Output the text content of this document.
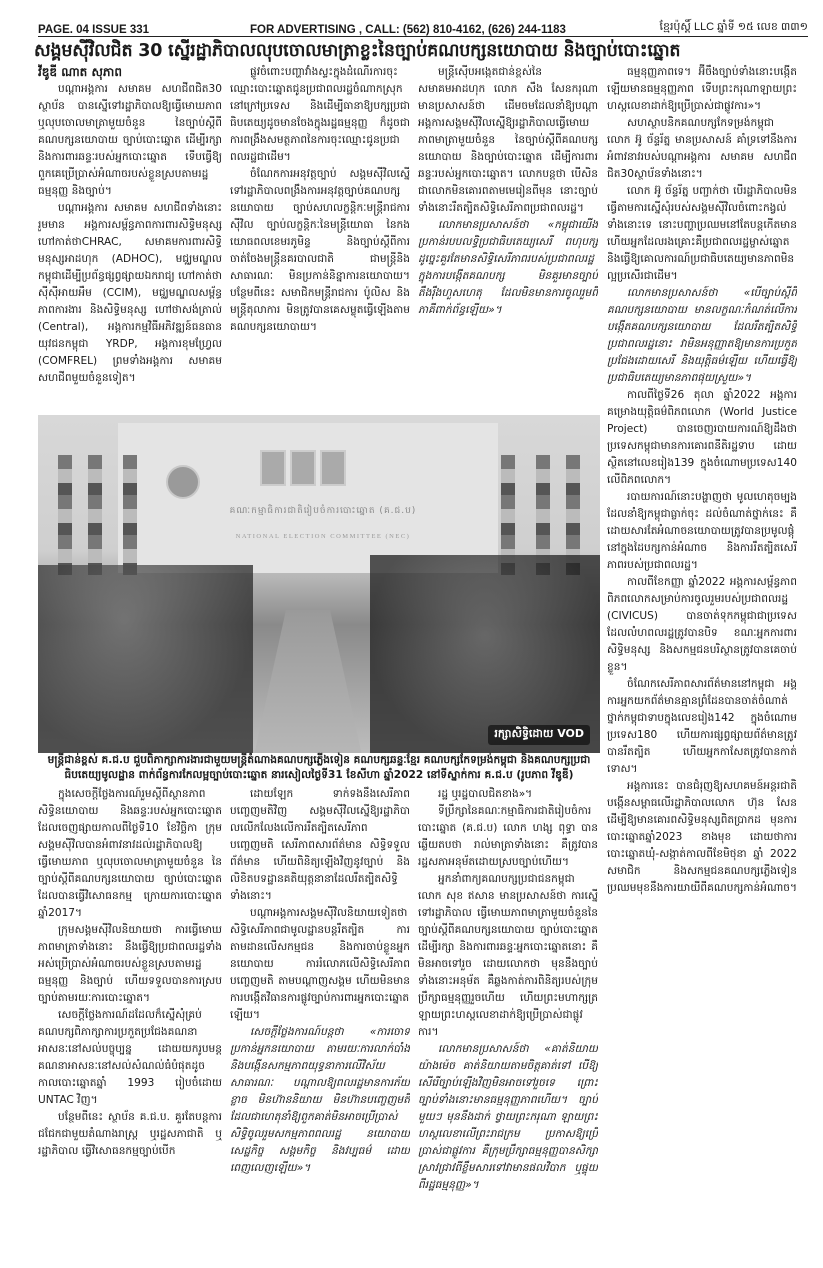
PAGE. 04 ISSUE 331	FOR ADVERTISING , CALL: (562) 810-4162, (626) 244-1183	ខ្មែរប៉ុស្តិ៍ LLC ឆ្នាំទី ១៥ លេខ ៣៣១
សង្គមស៊ីវិលជិត 30 ស្នើរដ្ឋាភិបាលលុបចោលមាត្រាខ្លះនៃច្បាប់គណបក្សនយោបាយ និងច្បាប់បោះឆ្នោត

វីឌូឌី ណាត សុភាព

បណ្តាអង្គការ សមាគម សហជីពជិត30 ស្ថាប័ន បានស្នើទៅរដ្ឋាភិបាលឱ្យធ្វើមោឃភាព ឬលុបចោលមាត្រាមួយចំនួន នៃច្បាប់ស្តីពីគណបក្សនយោបាយ ច្បាប់បោះឆ្នោត ដើម្បីរក្សា និងការពារឆន្ទៈរបស់អ្នកបោះឆ្នោត ទើបធ្វើឱ្យពួកគេប្រើប្រាស់អំណាចរបស់ខ្លួនស្របតាមរដ្ឋធម្មនុញ្ញ និងច្បាប់។

បណ្តាអង្គការ សមាគម សហជីពទាំងនោះរួមមាន អង្គការសម្ព័ន្ធភាពការពារសិទ្ធិមនុស្ស ហៅកាត់ថាCHRAC, សមាគមការពារសិទ្ធិមនុស្សអាដហុក (ADHOC), មជ្ឈមណ្ឌលកម្ពុជាដើម្បីប្រព័ន្ធផ្សព្វផ្សាយឯករាជ្យ ហៅកាត់ថា ស៊ីស៊ីអាយអឹម (CCIM), មជ្ឈមណ្ឌលសម្ព័ន្ធភាពការងារ និងសិទ្ធិមនុស្ស ហៅថាសង់ត្រាល់ (Central), អង្គការកម្មវិធីអភិវឌ្ឍន៍ធនធានយុវជនកម្ពុជា YRDP, អង្គការខុមហ្វ្រែល (COMFREL) ព្រមទាំងអង្គការ សមាគម សហជីពមួយចំនួនទៀត។

ផ្លូវចំពោះបញ្ហាវាំងស្ទះក្នុងដំណើរការចុះឈ្មោះបោះឆ្នោតជូនប្រជាពលរដ្ឋចំណាកស្រុកនៅក្រៅប្រទេស និងដើម្បីធានាឱ្យបក្សប្រជាធិបតេយ្យដូចមានចែងក្នុងរដ្ឋធម្មនុញ្ញ ក៏ដូចជាការពង្រឹងសមត្ថភាពនៃការចុះឈ្មោះជូនប្រជាពលរដ្ឋជាដើម។

ចំណែកការអនុវត្តច្បាប់ សង្គមស៊ីវិលស្នើទៅរដ្ឋាភិបាលពង្រឹងការអនុវត្តច្បាប់គណបក្សនយោបាយ ច្បាប់សហលក្ខន្តិកៈមន្ត្រីរាជការស៊ីវិល ច្បាប់លក្ខន្តិកៈនៃមន្ត្រីយោធា នៃកងយោធពលខេមរភូមិន្ទ និងច្បាប់ស្តីពីការចាត់ចែងមន្ត្រីនគរបាលជាតិ ជាមន្ត្រីនិងសាធារណៈ មិនប្រកាន់និន្នាការនយោបាយ។ បន្ថែមពីនេះ សមាជិកមន្ត្រីរាជការ ប៉ូលិស និងមន្ត្រីតុលាការ មិនត្រូវបានគេសម្លុតធ្វើឡើងតាមគណបក្សនយោបាយ។

មន្ត្រីស៊ើបអង្កេតជាន់ខ្ពស់នៃសមាគមអាដហុក លោក សឹង សែនករុណា មានប្រសាសន៍ថា ដើមចមដែលនាំឱ្យបណ្តាអង្គការសង្គមស៊ីវិលស្នើឱ្យរដ្ឋាភិបាលធ្វើមោឃភាពមាត្រាមួយចំនួន នៃច្បាប់ស្តីពីគណបក្សនយោបាយ និងច្បាប់បោះឆ្នោត ដើម្បីការពារឆន្ទៈរបស់អ្នកបោះឆ្នោត។ លោកបន្តថា បើសិនជាលោកមិនគោរពតាមមេរៀនពីមុន នោះច្បាប់ទាំងនោះរឹតត្បិតសិទ្ធិសេរីភាពប្រជាពលរដ្ឋ។

លោកមានប្រសាសន៍ថា «កម្ពុជាយើងប្រកាន់របបលទ្ធិប្រជាធិបតេយ្យសេរី ពហុបក្ស ដូច្នេះគួរតែមានសិទ្ធិសេរីភាពរបស់ប្រជាពលរដ្ឋ ក្នុងការបង្កើតគណបក្ស មិនគួរមានច្បាប់តឹងរ៉ឹងហួសហេតុ ដែលមិនមានការចូលរួមពីភាគីពាក់ព័ន្ធឡើយ»។

ធម្មនុញ្ញភាពទេ។ អ៊ីចឹងច្បាប់ទាំងនោះបង្កើតឡើយមានធម្មនុញ្ញភាព ទើបព្រះករុណាឡាយព្រះហស្តលេខាដាក់ឱ្យប្រើប្រាស់ជាផ្លូវការ»។

សហស្ថាបនិកគណបក្សកែទម្រង់កម្ពុជា លោក អ៊ូ ច័ន្ទរ័ត្ន មានប្រសាសន៍ គាំទ្រទៅនឹងការអំពាវនាវរបស់បណ្តាអង្គការ សមាគម សហជីព ជិត30ស្ថាប័នទាំងនោះ។

លោក អ៊ូ ច័ន្ទរ័ត្ន បញ្ជាក់ថា បើរដ្ឋាភិបាលមិនធ្វើតាមការស្នើសុំរបស់សង្គមស៊ីវិលចំពោះកង្វល់ទាំងនោះទេ នោះបញ្ហាប្រឈមនៅតែបន្តកើតមាន ហើយអ្នកដែលរងគ្រោះគឺប្រជាពលរដ្ឋម្ចាស់ឆ្នោត និងធ្វើឱ្យគោលការណ៍ប្រជាធិបតេយ្យមានភាពមិនល្អប្រសើរជាដើម។

លោកមានប្រសាសន៍ថា «បើច្បាប់ស្តីពីគណបក្សនយោបាយ មានលក្ខណៈកំណត់លើការបង្កើតគណបក្សនយោបាយ ដែលរឹតត្បិតសិទ្ធិប្រជាពលរដ្ឋនោះ វាមិនអនុញ្ញាតឱ្យមានការប្រកួតប្រជែងដោយសេរី និងយុត្តិធម៌ឡើយ ហើយធ្វើឱ្យប្រជាធិបតេយ្យមានភាពផុយស្រួយ»។

កាលពីថ្ងៃទី26 តុលា ឆ្នាំ2022 អង្គការគម្រោងយុត្តិធម៌ពិភពលោក (World Justice Project) បានចេញរបាយការណ៍ឱ្យដឹងថា ប្រទេសកម្ពុជាមានការគោរពនីតិរដ្ឋទាប ដោយស្ថិតនៅលេខរៀង139 ក្នុងចំណោមប្រទេស140 លើពិភពលោក។

របាយការណ៍នោះបង្ហាញថា មូលហេតុចម្បងដែលនាំឱ្យកម្ពុជាធ្លាក់ចុះ ដល់ចំណាត់ថ្នាក់នេះ គឺដោយសារតែអំណាចនយោបាយត្រូវបានប្រមូលផ្តុំនៅក្នុងដៃបក្សកាន់អំណាច និងការរឹតត្បិតសេរីភាពរបស់ប្រជាពលរដ្ឋ។

កាលពីខែកញ្ញា ឆ្នាំ2022 អង្គការសម្ព័ន្ធភាពពិភពលោកសម្រាប់ការចូលរួមរបស់ប្រជាពលរដ្ឋ (CIVICUS) បានចាត់ទុកកម្ពុជាជាប្រទេសដែលលំហពលរដ្ឋត្រូវបានបិទ ខណៈអ្នកការពារសិទ្ធិមនុស្ស និងសកម្មជនបរិស្ថានត្រូវបានគេចាប់ខ្លួន។

ចំណែកសេរីភាពសារព័ត៌មាននៅកម្ពុជា អង្គការអ្នកយកព័ត៌មានគ្មានព្រំដែនបានចាត់ចំណាត់ថ្នាក់កម្ពុជាទាបក្នុងលេខរៀង142 ក្នុងចំណោមប្រទេស180 ហើយការផ្សព្វផ្សាយព័ត៌មានត្រូវបានរឹតត្បិត ហើយអ្នកកាសែតត្រូវបានកាត់ទោស។

អង្គការនេះ បានជំរុញឱ្យសហគមន៍អន្តរជាតិបង្កើនសម្ពាធលើរដ្ឋាភិបាលលោក ហ៊ុន សែន ដើម្បីឱ្យមានគោរពសិទ្ធិមនុស្សពិតប្រាកដ មុនការបោះឆ្នោតឆ្នាំ2023 ខាងមុខ ដោយថាការបោះឆ្នោតឃុំ-សង្កាត់កាលពីខែមិថុនា ឆ្នាំ 2022 សមាជិក និងសកម្មជនគណបក្សភ្លើងទៀន ប្រឈមមុខនឹងការយាយីពីគណបក្សកាន់អំណាច។

គណៈកម្មាធិការជាតិរៀបចំការបោះឆ្នោត (គ.ជ.ប)
NATIONAL ELECTION COMMITTEE (NEC)
រក្សាសិទ្ធិដោយ VOD
មន្ត្រីជាន់ខ្ពស់ គ.ជ.ប ជួបពិភាក្សាការងារជាមួយមន្ត្រីតំណាងគណបក្សភ្លើងទៀន គណបក្សឆន្ទៈខ្មែរ គណបក្សកែទម្រង់កម្ពុជា និងគណបក្សប្រជាធិបតេយ្យមូលដ្ឋាន ពាក់ព័ន្ធការកែលម្អច្បាប់បោះឆ្នោត នារសៀលថ្ងៃទី31 ខែសីហា ឆ្នាំ2022 នៅទីស្នាក់ការ គ.ជ.ប (រូបភាព វីឌូឌី)

ក្នុងសេចក្តីថ្លែងការណ៍រួមស្តីពីស្ថានភាពសិទ្ធិនយោបាយ និងឆន្ទៈរបស់អ្នកបោះឆ្នោតដែលចេញផ្សាយកាលពីថ្ងៃទី10 ខែវិច្ឆិកា ក្រុមសង្គមស៊ីវិលបានអំពាវនាវដល់រដ្ឋាភិបាលឱ្យធ្វើមោឃភាព ឬលុបចោលមាត្រាមួយចំនួន នៃច្បាប់ស្តីពីគណបក្សនយោបាយ ច្បាប់បោះឆ្នោត ដែលបានធ្វើវិសោធនកម្ម ក្រោយការបោះឆ្នោតឆ្នាំ2017។

ក្រុមសង្គមស៊ីវិលនិយាយថា ការធ្វើមោឃភាពមាត្រាទាំងនោះ នឹងធ្វើឱ្យប្រជាពលរដ្ឋទាំងអស់ប្រើប្រាស់អំណាចរបស់ខ្លួនស្របតាមរដ្ឋធម្មនុញ្ញ និងច្បាប់ ហើយទទួលបានការស្របច្បាប់តាមរយៈការបោះឆ្នោត។

សេចក្តីថ្លែងការណ៍ដដែលក៏ស្នើសុំគ្រប់គណបក្សពិភាក្សាការប្រកួតប្រជែងគណនាអាសនៈនៅសល់បច្ចុប្បន្ន ដោយយករូបមន្តគណនាអាសនៈនៅសល់សំណល់ធំបំផុតដូចកាលបោះឆ្នោតឆ្នាំ 1993 រៀបចំដោយ UNTAC វិញ។

បន្ថែមពីនេះ ស្ថាប័ន គ.ជ.ប. គួរតែបន្តការជជែកជាមួយតំណាងរាស្ត្រ ឬរដ្ឋសភាជាតិ ឬរដ្ឋាភិបាល ធ្វើវិសោធនកម្មច្បាប់បើក

ដោយឡែក ទាក់ទងនឹងសេរីភាពបញ្ចេញមតិវិញ សង្គមស៊ីវិលស្នើឱ្យរដ្ឋាភិបាលលើកលែងលើការរឹតត្បិតសេរីភាពបញ្ចេញមតិ សេរីភាពសារព័ត៌មាន សិទ្ធិទទួលព័ត៌មាន ហើយពិនិត្យឡើងវិញនូវច្បាប់ និងលិខិតបទដ្ឋានគតិយុត្តនានាដែលរឹតត្បិតសិទ្ធិទាំងនោះ។

បណ្តាអង្គការសង្គមស៊ីវិលនិយាយទៀតថា សិទ្ធិសេរីភាពជាមូលដ្ឋានបន្តរឹតត្បិត ការតាមដានលើសកម្មជន និងការចាប់ខ្លួនអ្នកនយោបាយ ការរំលោភលើសិទ្ធិសេរីភាពបញ្ចេញមតិ តាមបណ្តាញសង្គម ហើយមិនមានការបង្កើតវិធានការផ្លូវច្បាប់ការពារអ្នកបោះឆ្នោតឡើយ។

សេចក្តីថ្លែងការណ៍បន្តថា «ការចោទប្រកាន់អ្នកនយោបាយ តាមរយៈការលាក់បាំង និងបង្កើនសកម្មភាពយុទ្ធនាការលើវិស័យសាធារណៈ បណ្តាលឱ្យពលរដ្ឋមានការភ័យខ្លាច មិនហ៊ាននិយាយ មិនហ៊ានបញ្ចេញមតិ ដែលជាហេតុនាំឱ្យពួកគាត់មិនអាចប្រើប្រាស់សិទ្ធិចូលរួមសកម្មភាពពលរដ្ឋ នយោបាយ សេដ្ឋកិច្ច សង្គមកិច្ច និងវប្បធម៌ ដោយពេញលេញឡើយ»។

រដ្ឋ ឬរដ្ឋបាលជិតខាង»។

ទីប្រឹក្សានៃគណៈកម្មាធិការជាតិរៀបចំការបោះឆ្នោត (គ.ជ.ប) លោក ហង្ស ពុទ្ធា បានឆ្លើយតបថា រាល់មាត្រាទាំងនោះ គឺត្រូវបានរដ្ឋសភាអនុម័តដោយស្របច្បាប់ហើយ។

អ្នកនាំពាក្យគណបក្សប្រជាជនកម្ពុជា លោក សុខ ឥសាន មានប្រសាសន៍ថា ការស្នើទៅរដ្ឋាភិបាល ធ្វើមោឃភាពមាត្រាមួយចំនួននៃច្បាប់ស្តីពីគណបក្សនយោបាយ ច្បាប់បោះឆ្នោត ដើម្បីរក្សា និងការពារឆន្ទៈអ្នកបោះឆ្នោតនោះ គឺមិនអាចទៅរួច ដោយលោកថា មុននឹងច្បាប់ទាំងនោះអនុម័ត គឺឆ្លងកាត់ការពិនិត្យរបស់ក្រុមប្រឹក្សាធម្មនុញ្ញរួចហើយ ហើយព្រះមហាក្សត្រឡាយព្រះហស្តលេខាដាក់ឱ្យប្រើប្រាស់ជាផ្លូវការ។

លោកមានប្រសាសន៍ថា «គាត់និយាយយ៉ាងម៉េច គាត់និយាយតាមចិត្តគាត់ទៅ បើឱ្យសើរើច្បាប់ឡើងវិញមិនអាចទៅរួចទេ ព្រោះច្បាប់ទាំងនោះមានធម្មនុញ្ញភាពហើយ។ ច្បាប់មួយៗ មុននឹងដាក់ ថ្វាយព្រះករុណា ឡាយព្រះហស្តលេខាលើព្រះរាជក្រម ប្រកាសឱ្យប្រើប្រាស់ជាផ្លូវការ គឺក្រុមប្រឹក្សាធម្មនុញ្ញបានសិក្សាស្រាវជ្រាវពីខ្លឹមសារទៅវាមានផលវិបាក ឬផ្ទុយពីរដ្ឋធម្មនុញ្ញ»។
